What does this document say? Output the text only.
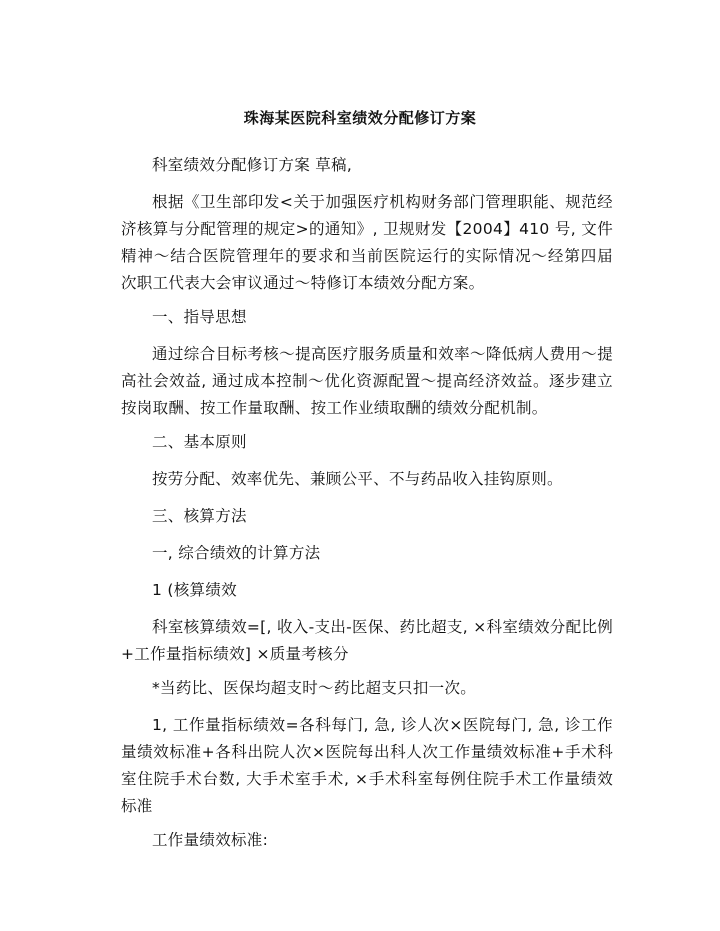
珠海某医院科室绩效分配修订方案

科室绩效分配修订方案 草稿,

根据《卫生部印发<关于加强医疗机构财务部门管理职能、规范经济核算与分配管理的规定>的通知》, 卫规财发【2004】410 号, 文件精神～结合医院管理年的要求和当前医院运行的实际情况～经第四届 次职工代表大会审议通过～特修订本绩效分配方案。

一、指导思想

通过综合目标考核～提高医疗服务质量和效率～降低病人费用～提高社会效益, 通过成本控制～优化资源配置～提高经济效益。逐步建立按岗取酬、按工作量取酬、按工作业绩取酬的绩效分配机制。

二、基本原则

按劳分配、效率优先、兼顾公平、不与药品收入挂钩原则。

三、核算方法

一, 综合绩效的计算方法

1 (核算绩效

科室核算绩效=[, 收入-支出-医保、药比超支, ×科室绩效分配比例+工作量指标绩效] ×质量考核分

*当药比、医保均超支时～药比超支只扣一次。

1, 工作量指标绩效=各科每门, 急, 诊人次×医院每门, 急, 诊工作量绩效标准+各科出院人次×医院每出科人次工作量绩效标准+手术科室住院手术台数, 大手术室手术, ×手术科室每例住院手术工作量绩效标准

工作量绩效标准:
